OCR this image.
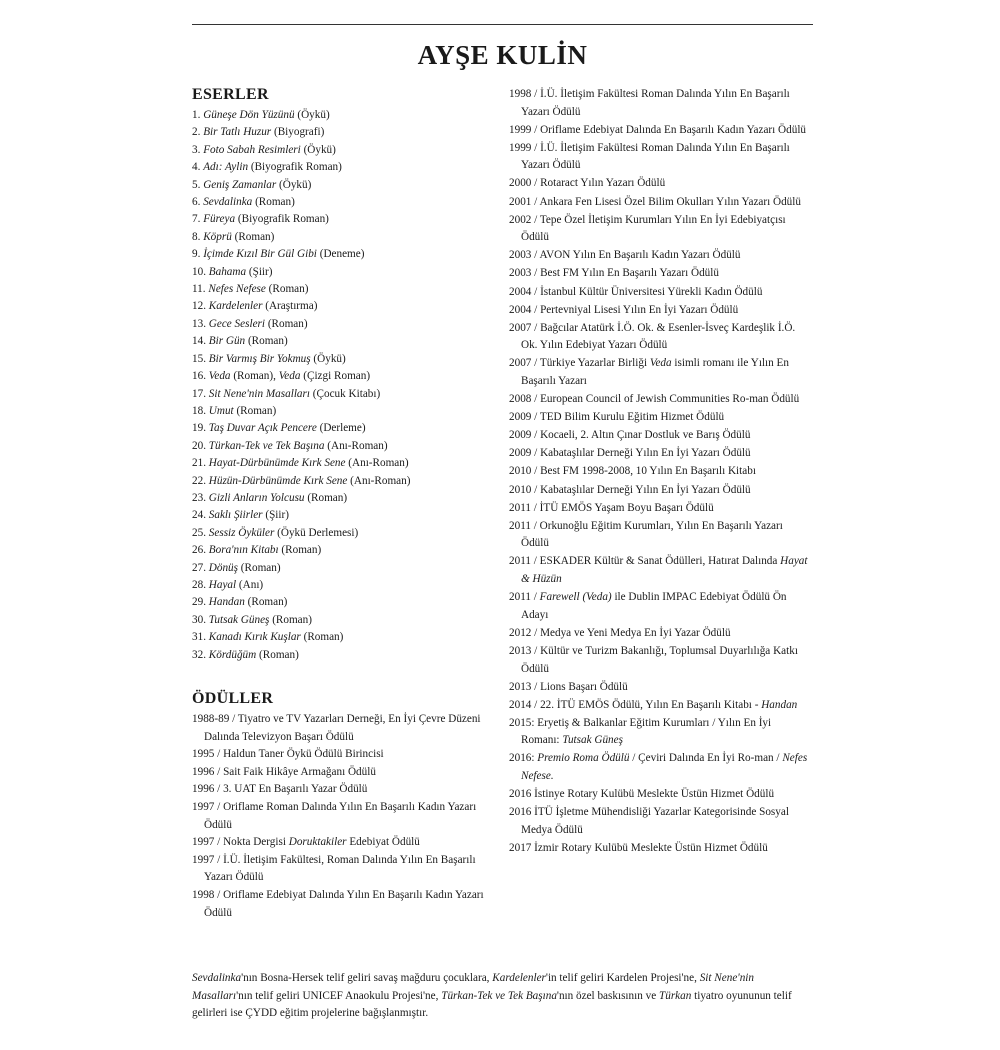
AYŞE KULİN
ESERLER
1. Güneşe Dön Yüzünü (Öykü)
2. Bir Tatlı Huzur (Biyografi)
3. Foto Sabah Resimleri (Öykü)
4. Adı: Aylin (Biyografik Roman)
5. Geniş Zamanlar (Öykü)
6. Sevdalinka (Roman)
7. Füreya (Biyografik Roman)
8. Köprü (Roman)
9. İçimde Kızıl Bir Gül Gibi (Deneme)
10. Bahama (Şiir)
11. Nefes Nefese (Roman)
12. Kardelenler (Araştırma)
13. Gece Sesleri (Roman)
14. Bir Gün (Roman)
15. Bir Varmış Bir Yokmuş (Öykü)
16. Veda (Roman), Veda (Çizgi Roman)
17. Sit Nene'nin Masalları (Çocuk Kitabı)
18. Umut (Roman)
19. Taş Duvar Açık Pencere (Derleme)
20. Türkan-Tek ve Tek Başına (Anı-Roman)
21. Hayat-Dürbünümde Kırk Sene (Anı-Roman)
22. Hüzün-Dürbünümde Kırk Sene (Anı-Roman)
23. Gizli Anların Yolcusu (Roman)
24. Saklı Şiirler (Şiir)
25. Sessiz Öyküler (Öykü Derlemesi)
26. Bora'nın Kitabı (Roman)
27. Dönüş (Roman)
28. Hayal (Anı)
29. Handan (Roman)
30. Tutsak Güneş (Roman)
31. Kanadı Kırık Kuşlar (Roman)
32. Kördüğüm (Roman)
ÖDÜLLER
1988-89 / Tiyatro ve TV Yazarları Derneği, En İyi Çevre Düzeni Dalında Televizyon Başarı Ödülü
1995 / Haldun Taner Öykü Ödülü Birincisi
1996 / Sait Faik Hikâye Armağanı Ödülü
1996 / 3. UAT En Başarılı Yazar Ödülü
1997 / Oriflame Roman Dalında Yılın En Başarılı Kadın Yazarı Ödülü
1997 / Nokta Dergisi Doruktakiler Edebiyat Ödülü
1997 / İ.Ü. İletişim Fakültesi, Roman Dalında Yılın En Başarılı Yazarı Ödülü
1998 / Oriflame Edebiyat Dalında Yılın En Başarılı Kadın Yazarı Ödülü
1998 / İ.Ü. İletişim Fakültesi Roman Dalında Yılın En Başarılı Yazarı Ödülü
1999 / Oriflame Edebiyat Dalında En Başarılı Kadın Yazarı Ödülü
1999 / İ.Ü. İletişim Fakültesi Roman Dalında Yılın En Başarılı Yazarı Ödülü
2000 / Rotaract Yılın Yazarı Ödülü
2001 / Ankara Fen Lisesi Özel Bilim Okulları Yılın Yazarı Ödülü
2002 / Tepe Özel İletişim Kurumları Yılın En İyi Edebiyatçısı Ödülü
2003 / AVON Yılın En Başarılı Kadın Yazarı Ödülü
2003 / Best FM Yılın En Başarılı Yazarı Ödülü
2004 / İstanbul Kültür Üniversitesi Yürekli Kadın Ödülü
2004 / Pertevniyal Lisesi Yılın En İyi Yazarı Ödülü
2007 / Bağcılar Atatürk İ.Ö. Ok. & Esenler-İsveç Kardeşlik İ.Ö. Ok. Yılın Edebiyat Yazarı Ödülü
2007 / Türkiye Yazarlar Birliği Veda isimli romanı ile Yılın En Başarılı Yazarı
2008 / European Council of Jewish Communities Ro-man Ödülü
2009 / TED Bilim Kurulu Eğitim Hizmet Ödülü
2009 / Kocaeli, 2. Altın Çınar Dostluk ve Barış Ödülü
2009 / Kabataşlılar Derneği Yılın En İyi Yazarı Ödülü
2010 / Best FM 1998-2008, 10 Yılın En Başarılı Kitabı
2010 / Kabataşlılar Derneği Yılın En İyi Yazarı Ödülü
2011 / İTÜ EMÖS Yaşam Boyu Başarı Ödülü
2011 / Orkunoğlu Eğitim Kurumları, Yılın En Başarılı Yazarı Ödülü
2011 / ESKADER Kültür & Sanat Ödülleri, Hatırat Dalında Hayat & Hüzün
2011 / Farewell (Veda) ile Dublin IMPAC Edebiyat Ödülü Ön Adayı
2012 / Medya ve Yeni Medya En İyi Yazar Ödülü
2013 / Kültür ve Turizm Bakanlığı, Toplumsal Duyarlılığa Katkı Ödülü
2013 / Lions Başarı Ödülü
2014 / 22. İTÜ EMÖS Ödülü, Yılın En Başarılı Kitabı - Handan
2015: Eryetiş & Balkanlar Eğitim Kurumları / Yılın En İyi Romanı: Tutsak Güneş
2016: Premio Roma Ödülü / Çeviri Dalında En İyi Ro-man / Nefes Nefese.
2016 İstinye Rotary Kulübü Meslekte Üstün Hizmet Ödülü
2016 İTÜ İşletme Mühendisliği Yazarlar Kategorisinde Sosyal Medya Ödülü
2017 İzmir Rotary Kulübü Meslekte Üstün Hizmet Ödülü

Sevdalinka'nın Bosna-Hersek telif geliri savaş mağduru çocuklara, Kardelenler'in telif geliri Kardelen Projesi'ne, Sit Nene'nin Masalları'nın telif geliri UNICEF Anaokulu Projesi'ne, Türkan-Tek ve Tek Başına'nın özel baskısının ve Türkan tiyatro oyununun telif gelirleri ise ÇYDD eğitim projelerine bağışlanmıştır.
